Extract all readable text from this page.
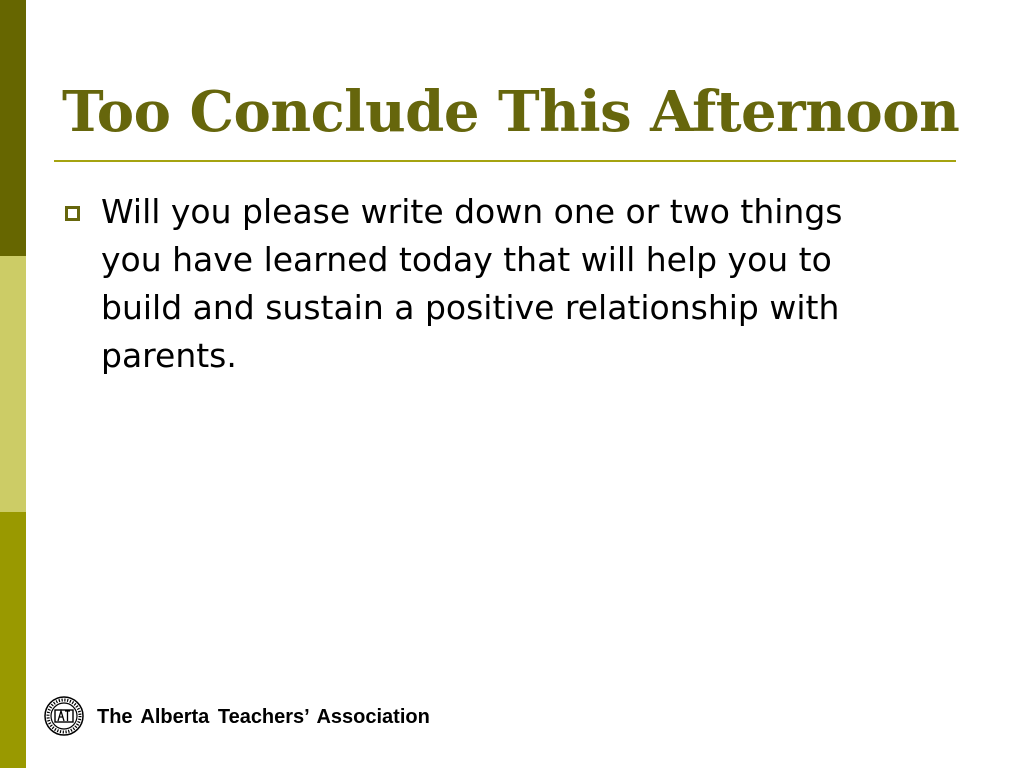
Too Conclude This Afternoon
Will you please write down one or two things you have learned today that will help you to build and sustain a positive relationship with parents.
The Alberta Teachers’ Association
